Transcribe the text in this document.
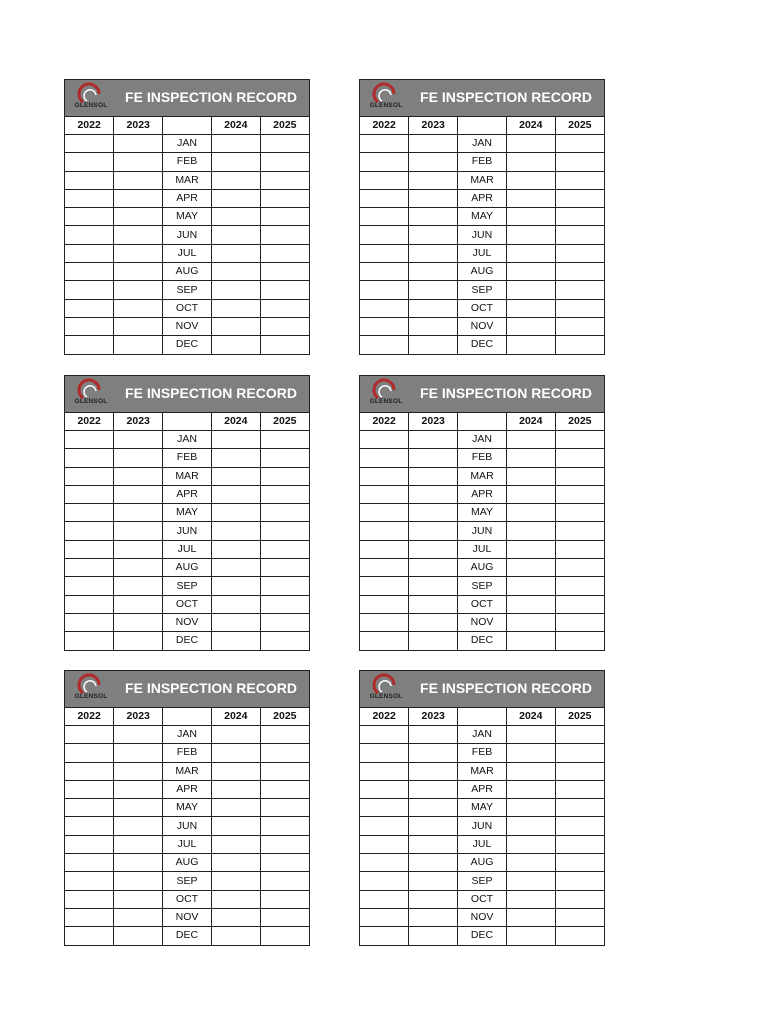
GLENSOL
FE INSPECTION RECORD
2022	2023		2024	2025
		JAN		
		FEB		
		MAR		
		APR		
		MAY		
		JUN		
		JUL		
		AUG		
		SEP		
		OCT		
		NOV		
		DEC		
GLENSOL
FE INSPECTION RECORD
2022	2023		2024	2025
		JAN		
		FEB		
		MAR		
		APR		
		MAY		
		JUN		
		JUL		
		AUG		
		SEP		
		OCT		
		NOV		
		DEC		
GLENSOL
FE INSPECTION RECORD
2022	2023		2024	2025
		JAN		
		FEB		
		MAR		
		APR		
		MAY		
		JUN		
		JUL		
		AUG		
		SEP		
		OCT		
		NOV		
		DEC		
GLENSOL
FE INSPECTION RECORD
2022	2023		2024	2025
		JAN		
		FEB		
		MAR		
		APR		
		MAY		
		JUN		
		JUL		
		AUG		
		SEP		
		OCT		
		NOV		
		DEC		
GLENSOL
FE INSPECTION RECORD
2022	2023		2024	2025
		JAN		
		FEB		
		MAR		
		APR		
		MAY		
		JUN		
		JUL		
		AUG		
		SEP		
		OCT		
		NOV		
		DEC		
GLENSOL
FE INSPECTION RECORD
2022	2023		2024	2025
		JAN		
		FEB		
		MAR		
		APR		
		MAY		
		JUN		
		JUL		
		AUG		
		SEP		
		OCT		
		NOV		
		DEC		
